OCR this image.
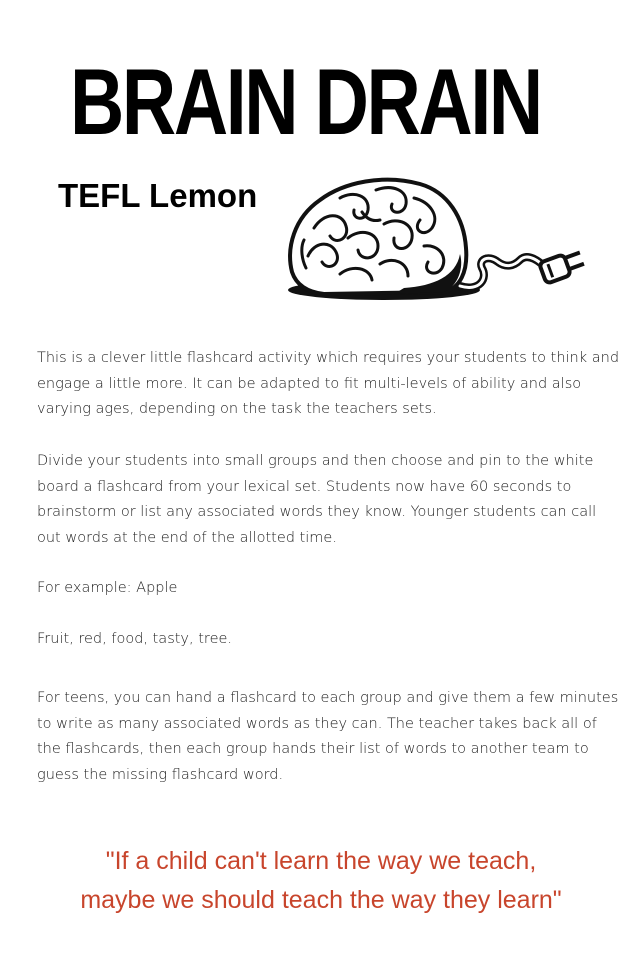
BRAIN DRAIN
TEFL Lemon

This is a clever little flashcard activity which requires your students to think and engage a little more. It can be adapted to fit multi-levels of ability and also varying ages, depending on the task the teachers sets.

Divide your students into small groups and then choose and pin to the white board a flashcard from your lexical set. Students now have 60 seconds to brainstorm or list any associated words they know. Younger students can call out words at the end of the allotted time.

For example: Apple

Fruit, red, food, tasty, tree.

For teens, you can hand a flashcard to each group and give them a few minutes to write as many associated words as they can. The teacher takes back all of the flashcards, then each group hands their list of words to another team to guess the missing flashcard word.

"If a child can't learn the way we teach,
maybe we should teach the way they learn"
